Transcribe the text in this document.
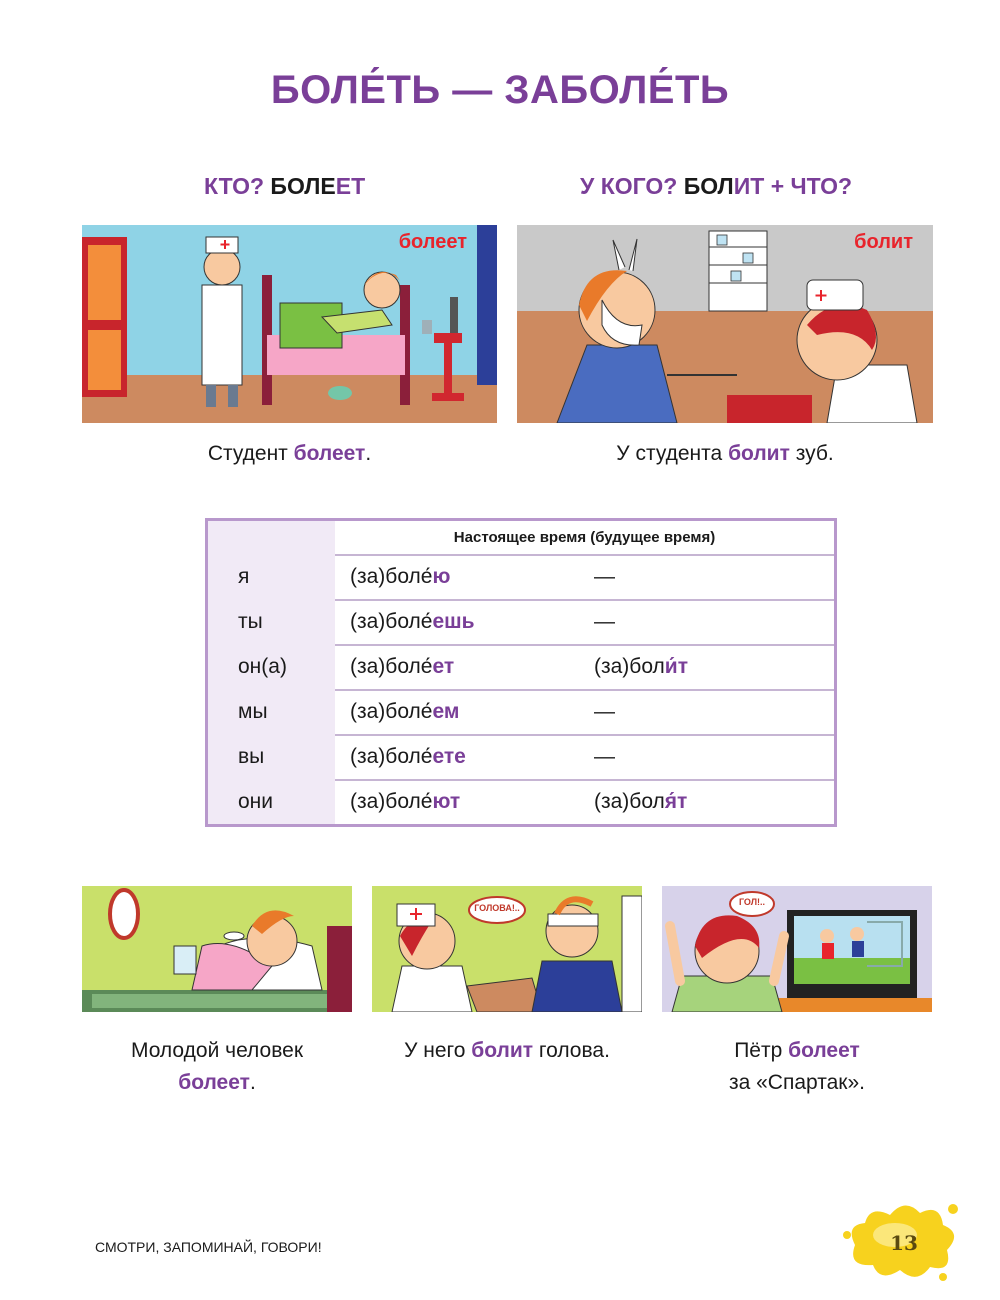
БОЛЕ́ТЬ — ЗАБОЛЕ́ТЬ
КТО? БОЛЕЕТ	У КОГО? БОЛИТ + ЧТО?
болеет	болит
Студент болеет.	У студента болит зуб.
Настоящее время (будущее время)
я	(за)боле́ю	—
ты	(за)боле́ешь	—
он(а)	(за)боле́ет	(за)боли́т
мы	(за)боле́ем	—
вы	(за)боле́ете	—
они	(за)боле́ют	(за)боля́т
ГОЛОВА!..
ГОЛ!..
Молодой человек
болеет.
У него болит голова.	Пётр болеет
за «Спартак».
СМОТРИ, ЗАПОМИНАЙ, ГОВОРИ!	13
